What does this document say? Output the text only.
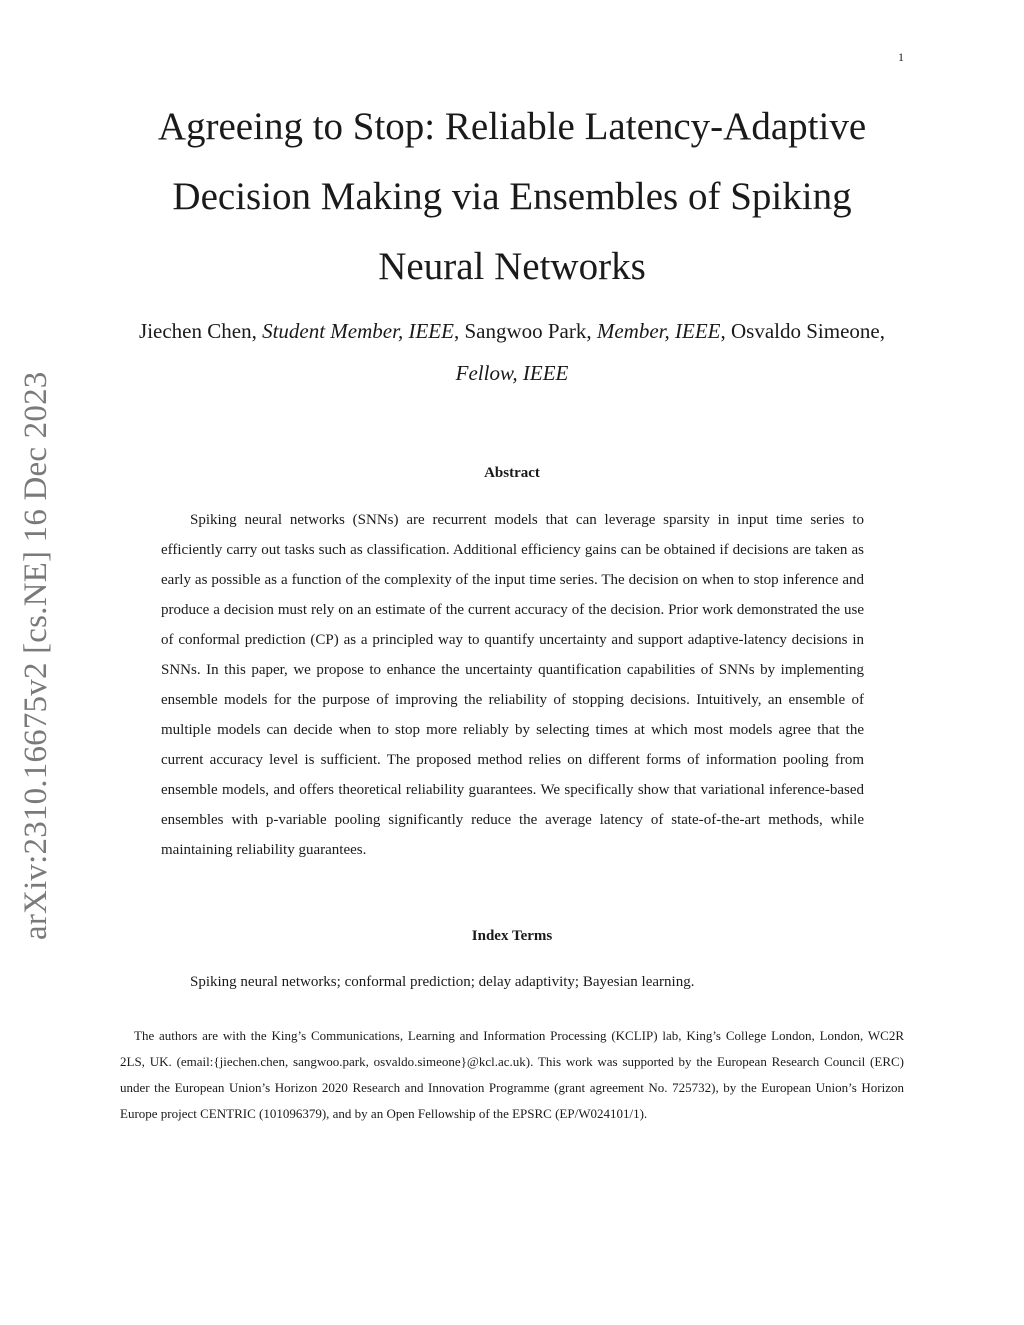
1
arXiv:2310.16675v2 [cs.NE] 16 Dec 2023
Agreeing to Stop: Reliable Latency-Adaptive Decision Making via Ensembles of Spiking Neural Networks

Jiechen Chen, Student Member, IEEE, Sangwoo Park, Member, IEEE, Osvaldo Simeone, Fellow, IEEE

Abstract

Spiking neural networks (SNNs) are recurrent models that can leverage sparsity in input time series to efficiently carry out tasks such as classification. Additional efficiency gains can be obtained if decisions are taken as early as possible as a function of the complexity of the input time series. The decision on when to stop inference and produce a decision must rely on an estimate of the current accuracy of the decision. Prior work demonstrated the use of conformal prediction (CP) as a principled way to quantify uncertainty and support adaptive-latency decisions in SNNs. In this paper, we propose to enhance the uncertainty quantification capabilities of SNNs by implementing ensemble models for the purpose of improving the reliability of stopping decisions. Intuitively, an ensemble of multiple models can decide when to stop more reliably by selecting times at which most models agree that the current accuracy level is sufficient. The proposed method relies on different forms of information pooling from ensemble models, and offers theoretical reliability guarantees. We specifically show that variational inference-based ensembles with p-variable pooling significantly reduce the average latency of state-of-the-art methods, while maintaining reliability guarantees.

Index Terms

Spiking neural networks; conformal prediction; delay adaptivity; Bayesian learning.

The authors are with the King’s Communications, Learning and Information Processing (KCLIP) lab, King’s College London, London, WC2R 2LS, UK. (email:{jiechen.chen, sangwoo.park, osvaldo.simeone}@kcl.ac.uk). This work was supported by the European Research Council (ERC) under the European Union’s Horizon 2020 Research and Innovation Programme (grant agreement No. 725732), by the European Union’s Horizon Europe project CENTRIC (101096379), and by an Open Fellowship of the EPSRC (EP/W024101/1).
